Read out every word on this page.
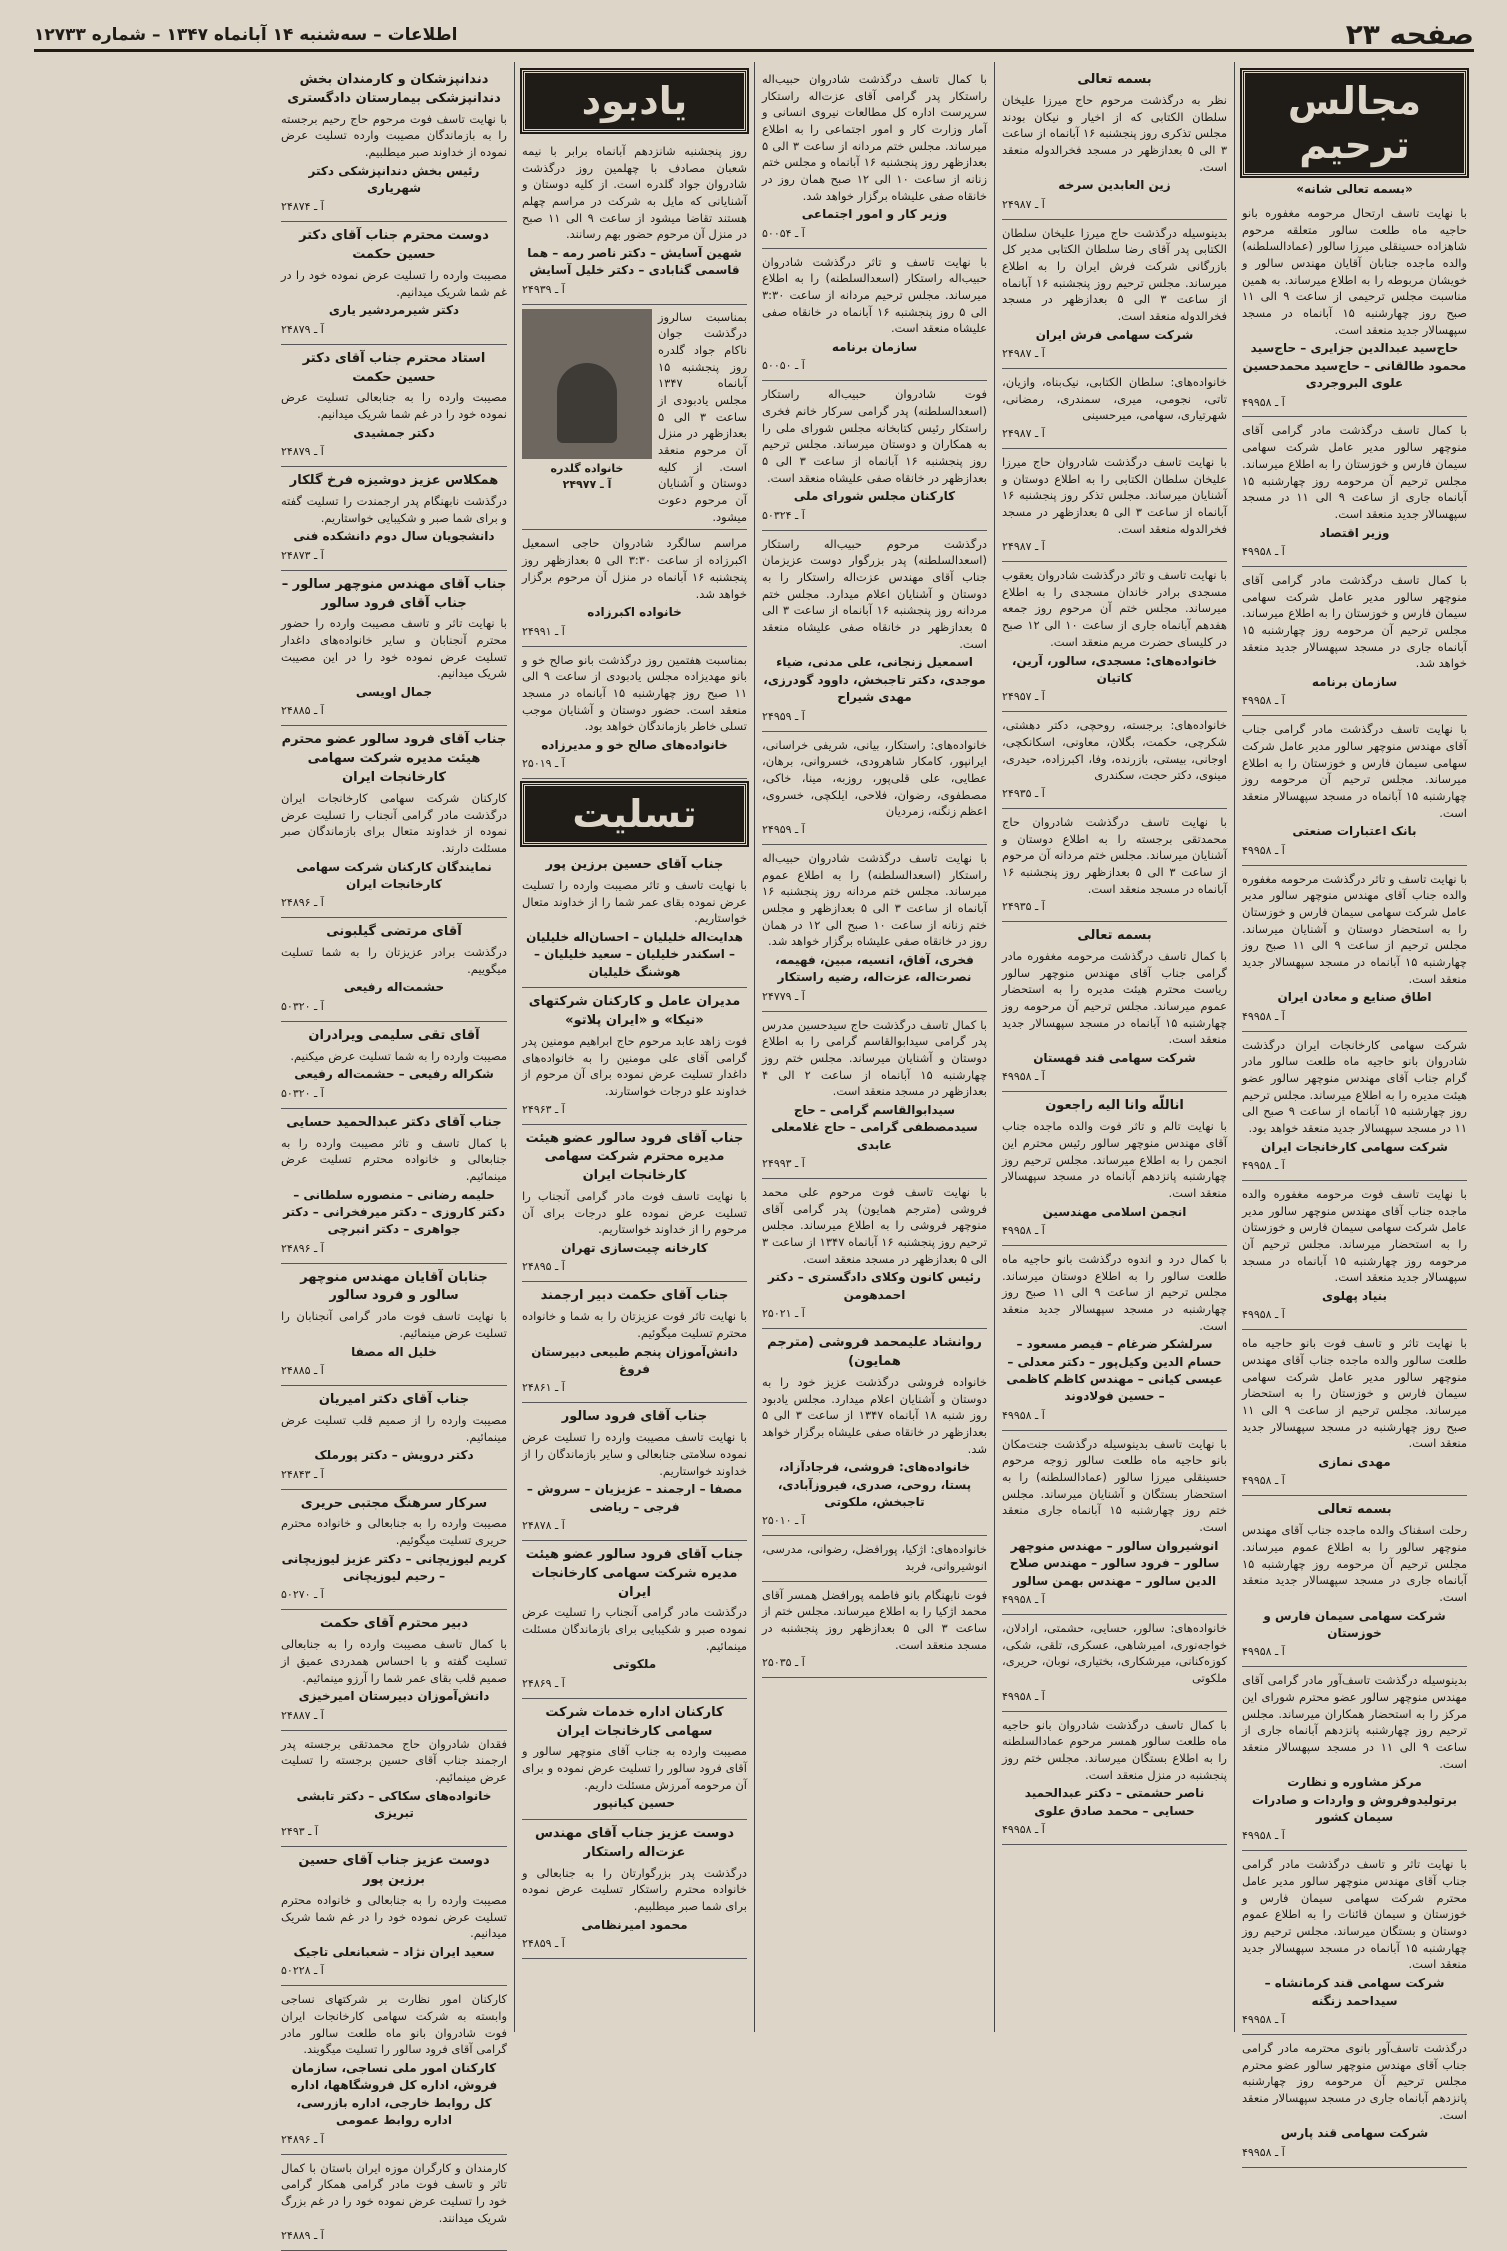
صفحه ۲۳
اطلاعات – سه‌شنبه ۱۴ آبانماه ۱۳۴۷ – شماره ۱۲۷۳۳
مجالس ترحیم
«بسمه تعالی شانه»
با نهایت تاسف ارتحال مرحومه مغفوره بانو حاجیه ماه طلعت سالور متعلقه مرحوم شاهزاده حسینقلی میرزا سالور (عمادالسلطنه) والده ماجده جنابان آقایان مهندس سالور و خویشان مربوطه را به اطلاع میرساند. به همین مناسبت مجلس ترحیمی از ساعت ۹ الی ۱۱ صبح روز چهارشنبه ۱۵ آبانماه در مسجد سپهسالار جدید منعقد است.
حاج‌سید عبدالدین جزایری – حاج‌سید محمود طالقانی – حاج‌سید محمدحسین علوی البروجردی
آ ـ ۴۹۹۵۸
با کمال تاسف درگذشت مادر گرامی آقای منوچهر سالور مدیر عامل شرکت سهامی سیمان فارس و خوزستان را به اطلاع میرساند. مجلس ترحیم آن مرحومه روز چهارشنبه ۱۵ آبانماه جاری از ساعت ۹ الی ۱۱ در مسجد سپهسالار جدید منعقد است.
وزیر اقتصاد
آ ـ ۴۹۹۵۸
با کمال تاسف درگذشت مادر گرامی آقای منوچهر سالور مدیر عامل شرکت سهامی سیمان فارس و خوزستان را به اطلاع میرساند. مجلس ترحیم آن مرحومه روز چهارشنبه ۱۵ آبانماه جاری در مسجد سپهسالار جدید منعقد خواهد شد.
سازمان برنامه
آ ـ ۴۹۹۵۸
با نهایت تاسف درگذشت مادر گرامی جناب آقای مهندس منوچهر سالور مدیر عامل شرکت سهامی سیمان فارس و خوزستان را به اطلاع میرساند. مجلس ترحیم آن مرحومه روز چهارشنبه ۱۵ آبانماه در مسجد سپهسالار منعقد است.
بانک اعتبارات صنعتی
آ ـ ۴۹۹۵۸
با نهایت تاسف و تاثر درگذشت مرحومه مغفوره والده جناب آقای مهندس منوچهر سالور مدیر عامل شرکت سهامی سیمان فارس و خوزستان را به استحضار دوستان و آشنایان میرساند. مجلس ترحیم از ساعت ۹ الی ۱۱ صبح روز چهارشنبه ۱۵ آبانماه در مسجد سپهسالار جدید منعقد است.
اطاق صنایع و معادن ایران
آ ـ ۴۹۹۵۸
شرکت سهامی کارخانجات ایران درگذشت شادروان بانو حاجیه ماه طلعت سالور مادر گرام جناب آقای مهندس منوچهر سالور عضو هیئت مدیره را به اطلاع میرساند. مجلس ترحیم روز چهارشنبه ۱۵ آبانماه از ساعت ۹ صبح الی ۱۱ در مسجد سپهسالار جدید منعقد خواهد بود.
شرکت سهامی کارخانجات ایران
آ ـ ۴۹۹۵۸
با نهایت تاسف فوت مرحومه مغفوره والده ماجده جناب آقای مهندس منوچهر سالور مدیر عامل شرکت سهامی سیمان فارس و خوزستان را به استحضار میرساند. مجلس ترحیم آن مرحومه روز چهارشنبه ۱۵ آبانماه در مسجد سپهسالار جدید منعقد است.
بنیاد پهلوی
آ ـ ۴۹۹۵۸
با نهایت تاثر و تاسف فوت بانو حاجیه ماه طلعت سالور والده ماجده جناب آقای مهندس منوچهر سالور مدیر عامل شرکت سهامی سیمان فارس و خوزستان را به استحضار میرساند. مجلس ترحیم از ساعت ۹ الی ۱۱ صبح روز چهارشنبه در مسجد سپهسالار جدید منعقد است.
مهدی نمازی
آ ـ ۴۹۹۵۸
بسمه تعالی
رحلت اسفناک والده ماجده جناب آقای مهندس منوچهر سالور را به اطلاع عموم میرساند. مجلس ترحیم آن مرحومه روز چهارشنبه ۱۵ آبانماه جاری در مسجد سپهسالار جدید منعقد است.
شرکت سهامی سیمان فارس و خوزستان
آ ـ ۴۹۹۵۸
بدینوسیله درگذشت تاسف‌آور مادر گرامی آقای مهندس منوچهر سالور عضو محترم شورای این مرکز را به استحضار همکاران میرساند. مجلس ترحیم روز چهارشنبه پانزدهم آبانماه جاری از ساعت ۹ الی ۱۱ در مسجد سپهسالار منعقد است.
مرکز مشاوره و نظارت برتولیدوفروش و واردات و صادرات سیمان کشور
آ ـ ۴۹۹۵۸
با نهایت تاثر و تاسف درگذشت مادر گرامی جناب آقای مهندس منوچهر سالور مدیر عامل محترم شرکت سهامی سیمان فارس و خوزستان و سیمان قائنات را به اطلاع عموم دوستان و بستگان میرساند. مجلس ترحیم روز چهارشنبه ۱۵ آبانماه در مسجد سپهسالار جدید منعقد است.
شرکت سهامی قند کرمانشاه – سیداحمد زنگنه
آ ـ ۴۹۹۵۸
درگذشت تاسف‌آور بانوی محترمه مادر گرامی جناب آقای مهندس منوچهر سالور عضو محترم مجلس ترحیم آن مرحومه روز چهارشنبه پانزدهم آبانماه جاری در مسجد سپهسالار منعقد است.
شرکت سهامی قند پارس
آ ـ ۴۹۹۵۸
بسمه تعالی
نظر به درگذشت مرحوم حاج میرزا علیخان سلطان الکتابی که از اخیار و نیکان بودند مجلس تذکری روز پنجشنبه ۱۶ آبانماه از ساعت ۳ الی ۵ بعدازظهر در مسجد فخرالدوله منعقد است.
زین العابدین سرخه
آ ـ ۲۴۹۸۷
بدینوسیله درگذشت حاج میرزا علیخان سلطان الکتابی پدر آقای رضا سلطان الکتابی مدیر کل بازرگانی شرکت فرش ایران را به اطلاع میرساند. مجلس ترحیم روز پنجشنبه ۱۶ آبانماه از ساعت ۳ الی ۵ بعدازظهر در مسجد فخرالدوله منعقد است.
شرکت سهامی فرش ایران
آ ـ ۲۴۹۸۷
خانواده‌های: سلطان الکتابی، نیک‌بناه، وازیان، تاتی، نجومی، میری، سمندری، رمضانی، شهرتیاری، سهامی، میرحسینی
آ ـ ۲۴۹۸۷
با نهایت تاسف درگذشت شادروان حاج میرزا علیخان سلطان الکتابی را به اطلاع دوستان و آشنایان میرساند. مجلس تذکر روز پنجشنبه ۱۶ آبانماه از ساعت ۳ الی ۵ بعدازظهر در مسجد فخرالدوله منعقد است.
آ ـ ۲۴۹۸۷
با نهایت تاسف و تاثر درگذشت شادروان یعقوب مسجدی برادر خاندان مسجدی را به اطلاع میرساند. مجلس ختم آن مرحوم روز جمعه هفدهم آبانماه جاری از ساعت ۱۰ الی ۱۲ صبح در کلیسای حضرت مریم منعقد است.
خانواده‌های: مسجدی، سالور، آرین، کاتیان
آ ـ ۲۴۹۵۷
خانواده‌های: برجسته، روحچی، دکتر دهشتی، شکرچی، حکمت، بگلان، معاونی، اسکانکچی، اوجانی، بیستی، بازرنده، وفا، اکبرزاده، حیدری، مینوی، دکتر حجت، سکندری
آ ـ ۲۴۹۳۵
با نهایت تاسف درگذشت شادروان حاج محمدتقی برجسته را به اطلاع دوستان و آشنایان میرساند. مجلس ختم مردانه آن مرحوم از ساعت ۳ الی ۵ بعدازظهر روز پنجشنبه ۱۶ آبانماه در مسجد منعقد است.
آ ـ ۲۴۹۳۵
بسمه تعالی
با کمال تاسف درگذشت مرحومه مغفوره مادر گرامی جناب آقای مهندس منوچهر سالور ریاست محترم هیئت مدیره را به استحضار عموم میرساند. مجلس ترحیم آن مرحومه روز چهارشنبه ۱۵ آبانماه در مسجد سپهسالار جدید منعقد است.
شرکت سهامی قند قهستان
آ ـ ۴۹۹۵۸
اناللّه وانا الیه راجعون
با نهایت تالم و تاثر فوت والده ماجده جناب آقای مهندس منوچهر سالور رئیس محترم این انجمن را به اطلاع میرساند. مجلس ترحیم روز چهارشنبه پانزدهم آبانماه در مسجد سپهسالار منعقد است.
انجمن اسلامی مهندسین
آ ـ ۴۹۹۵۸
با کمال درد و اندوه درگذشت بانو حاجیه ماه طلعت سالور را به اطلاع دوستان میرساند. مجلس ترحیم از ساعت ۹ الی ۱۱ صبح روز چهارشنبه در مسجد سپهسالار جدید منعقد است.
سرلشکر ضرغام – فیصر مسعود – حسام الدین وکیل‌پور – دکتر معدلی – عیسی کیانی – مهندس کاظم کاظمی – حسین فولادوند
آ ـ ۴۹۹۵۸
با نهایت تاسف بدینوسیله درگذشت جنت‌مکان بانو حاجیه ماه طلعت سالور زوجه مرحوم حسینقلی میرزا سالور (عمادالسلطنه) را به استحضار بستگان و آشنایان میرساند. مجلس ختم روز چهارشنبه ۱۵ آبانماه جاری منعقد است.
انوشیروان سالور – مهندس منوچهر سالور – فرود سالور – مهندس صلاح الدین سالور – مهندس بهمن سالور
آ ـ ۴۹۹۵۸
خانواده‌های: سالور، حسایی، حشمتی، ارادلان، خواجه‌نوری، امیرشاهی، عسکری، تلقی، شکی، کوزه‌کنانی، میرشکاری، بختیاری، نوبان، حریری، ملکوتی
آ ـ ۴۹۹۵۸
با کمال تاسف درگذشت شادروان بانو حاجیه ماه طلعت سالور همسر مرحوم عمادالسلطنه را به اطلاع بستگان میرساند. مجلس ختم روز پنجشنبه در منزل منعقد است.
ناصر حشمتی – دکتر عبدالحمید حسایی – محمد صادق علوی
آ ـ ۴۹۹۵۸
با کمال تاسف درگذشت شادروان حبیب‌اله راستکار پدر گرامی آقای عزت‌اله راستکار سرپرست اداره کل مطالعات نیروی انسانی و آمار وزارت کار و امور اجتماعی را به اطلاع میرساند. مجلس ختم مردانه از ساعت ۳ الی ۵ بعدازظهر روز پنجشنبه ۱۶ آبانماه و مجلس ختم زنانه از ساعت ۱۰ الی ۱۲ صبح همان روز در خانقاه صفی علیشاه برگزار خواهد شد.
وزیر کار و امور اجتماعی
آ ـ ۵۰۰۵۴
با نهایت تاسف و تاثر درگذشت شادروان حبیب‌اله راستکار (اسعدالسلطنه) را به اطلاع میرساند. مجلس ترحیم مردانه از ساعت ۳:۳۰ الی ۵ روز پنجشنبه ۱۶ آبانماه در خانقاه صفی علیشاه منعقد است.
سازمان برنامه
آ ـ ۵۰۰۵۰
فوت شادروان حبیب‌اله راستکار (اسعدالسلطنه) پدر گرامی سرکار خانم فخری راستکار رئیس کتابخانه مجلس شورای ملی را به همکاران و دوستان میرساند. مجلس ترحیم روز پنجشنبه ۱۶ آبانماه از ساعت ۳ الی ۵ بعدازظهر در خانقاه صفی علیشاه منعقد است.
کارکنان مجلس شورای ملی
آ ـ ۵۰۳۲۴
درگذشت مرحوم حبیب‌اله راستکار (اسعدالسلطنه) پدر بزرگوار دوست عزیزمان جناب آقای مهندس عزت‌اله راستکار را به دوستان و آشنایان اعلام میدارد. مجلس ختم مردانه روز پنجشنبه ۱۶ آبانماه از ساعت ۳ الی ۵ بعدازظهر در خانقاه صفی علیشاه منعقد است.
اسمعیل زنجانی، علی مدنی، ضیاء موجدی، دکتر تاجبخش، داوود گودرزی، مهدی شیراح
آ ـ ۲۴۹۵۹
خانواده‌های: راستکار، بیانی، شریفی خراسانی، ایرانپور، کامکار شاهرودی، خسروانی، برهان، عطایی، علی قلی‌پور، روزبه، مینا، خاکی، مصطفوی، رضوان، فلاحی، ایلکچی، خسروی، اعظم زنگنه، زمردیان
آ ـ ۲۴۹۵۹
با نهایت تاسف درگذشت شادروان حبیب‌اله راستکار (اسعدالسلطنه) را به اطلاع عموم میرساند. مجلس ختم مردانه روز پنجشنبه ۱۶ آبانماه از ساعت ۳ الی ۵ بعدازظهر و مجلس ختم زنانه از ساعت ۱۰ صبح الی ۱۲ در همان روز در خانقاه صفی علیشاه برگزار خواهد شد.
فخری، آفاق، انسیه، مبین، فهیمه، نصرت‌اله، عزت‌اله، رضیه راستکار
آ ـ ۲۴۷۷۹
با کمال تاسف درگذشت حاج سیدحسین مدرس پدر گرامی سیدابوالقاسم گرامی را به اطلاع دوستان و آشنایان میرساند. مجلس ختم روز چهارشنبه ۱۵ آبانماه از ساعت ۲ الی ۴ بعدازظهر در مسجد منعقد است.
سیدابوالقاسم گرامی – حاج سیدمصطفی گرامی – حاج غلامعلی عابدی
آ ـ ۲۴۹۹۳
با نهایت تاسف فوت مرحوم علی محمد فروشی (مترجم همایون) پدر گرامی آقای منوچهر فروشی را به اطلاع میرساند. مجلس ترحیم روز پنجشنبه ۱۶ آبانماه ۱۳۴۷ از ساعت ۳ الی ۵ بعدازظهر در مسجد منعقد است.
رئیس کانون وکلای دادگستری – دکتر احمدهومن
آ ـ ۲۵۰۲۱
روانشاد علیمحمد فروشی (مترجم همایون)
خانواده فروشی درگذشت عزیز خود را به دوستان و آشنایان اعلام میدارد. مجلس یادبود روز شنبه ۱۸ آبانماه ۱۳۴۷ از ساعت ۳ الی ۵ بعدازظهر در خانقاه صفی علیشاه برگزار خواهد شد.
خانواده‌های: فروشی، فرجادآزاد، پستا، روحی، صدری، فیروزآبادی، تاجبخش، ملکوتی
آ ـ ۲۵۰۱۰
خانواده‌های: اژکیا، پورافضل، رضوانی، مدرسی، انوشیروانی، فربد
فوت نابهنگام بانو فاطمه پورافضل همسر آقای محمد اژکیا را به اطلاع میرساند. مجلس ختم از ساعت ۳ الی ۵ بعدازظهر روز پنجشنبه در مسجد منعقد است.
آ ـ ۲۵۰۳۵
یادبود
روز پنجشنبه شانزدهم آبانماه برابر با نیمه شعبان مصادف با چهلمین روز درگذشت شادروان جواد گلدره است. از کلیه دوستان و آشنایانی که مایل به شرکت در مراسم چهلم هستند تقاضا میشود از ساعت ۹ الی ۱۱ صبح در منزل آن مرحوم حضور بهم رسانند.
شهین آسایش – دکتر ناصر رمه – هما قاسمی گنابادی – دکتر خلیل آسایش
آ ـ ۲۴۹۳۹
بمناسبت سالروز درگذشت جوان ناکام جواد گلدره روز پنجشنبه ۱۵ آبانماه ۱۳۴۷ مجلس یادبودی از ساعت ۳ الی ۵ بعدازظهر در منزل آن مرحوم منعقد است. از کلیه دوستان و آشنایان آن مرحوم دعوت میشود.
خانواده گلدره
آ ـ ۲۴۹۷۷
مراسم سالگرد شادروان حاجی اسمعیل اکبرزاده از ساعت ۳:۳۰ الی ۵ بعدازظهر روز پنجشنبه ۱۶ آبانماه در منزل آن مرحوم برگزار خواهد شد.
خانواده اکبرزاده
آ ـ ۲۴۹۹۱
بمناسبت هفتمین روز درگذشت بانو صالح خو و بانو مهدیزاده مجلس یادبودی از ساعت ۹ الی ۱۱ صبح روز چهارشنبه ۱۵ آبانماه در مسجد منعقد است. حضور دوستان و آشنایان موجب تسلی خاطر بازماندگان خواهد بود.
خانواده‌های صالح خو و مدیرزاده
آ ـ ۲۵۰۱۹
تسلیت
جناب آقای حسین برزین پور
با نهایت تاسف و تاثر مصیبت وارده را تسلیت عرض نموده بقای عمر شما را از خداوند متعال خواستاریم.
هدایت‌اله خلیلیان – احسان‌اله خلیلیان – اسکندر خلیلیان – سعید خلیلیان – هوشنگ خلیلیان
مدیران عامل و کارکنان شرکتهای «نیکا» و «ایران پلاتو»
فوت زاهد عابد مرحوم حاج ابراهیم مومنین پدر گرامی آقای علی مومنین را به خانواده‌های داغدار تسلیت عرض نموده برای آن مرحوم از خداوند علو درجات خواستارند.
آ ـ ۲۴۹۶۳
جناب آقای فرود سالور عضو هیئت مدیره محترم شرکت سهامی کارخانجات ایران
با نهایت تاسف فوت مادر گرامی آنجناب را تسلیت عرض نموده علو درجات برای آن مرحوم را از خداوند خواستاریم.
کارخانه چیت‌سازی تهران
آ ـ ۲۴۸۹۵
جناب آقای حکمت دبیر ارجمند
با نهایت تاثر فوت عزیزتان را به شما و خانواده محترم تسلیت میگوئیم.
دانش‌آموزان پنجم طبیعی دبیرستان فروغ
آ ـ ۲۴۸۶۱
جناب آقای فرود سالور
با نهایت تاسف مصیبت وارده را تسلیت عرض نموده سلامتی جنابعالی و سایر بازماندگان را از خداوند خواستاریم.
مصفا – ارجمند – عزیزیان – سروش – فرجی – ریاضی
آ ـ ۲۴۸۷۸
جناب آقای فرود سالور عضو هیئت مدیره شرکت سهامی کارخانجات ایران
درگذشت مادر گرامی آنجناب را تسلیت عرض نموده صبر و شکیبایی برای بازماندگان مسئلت مینمائیم.
ملکوتی
آ ـ ۲۴۸۶۹
کارکنان اداره خدمات شرکت سهامی کارخانجات ایران
مصیبت وارده به جناب آقای منوچهر سالور و آقای فرود سالور را تسلیت عرض نموده و برای آن مرحومه آمرزش مسئلت داریم.
حسین کیانپور
دوست عزیز جناب آقای مهندس عزت‌اله راستکار
درگذشت پدر بزرگوارتان را به جنابعالی و خانواده محترم راستکار تسلیت عرض نموده برای شما صبر میطلبیم.
محمود امیرنظامی
آ ـ ۲۴۸۵۹
دندانپزشکان و کارمندان بخش دندانپزشکی بیمارستان دادگستری
با نهایت تاسف فوت مرحوم حاج رحیم برجسته را به بازماندگان مصیبت وارده تسلیت عرض نموده از خداوند صبر میطلبیم.
رئیس بخش دندانپزشکی دکتر شهریاری
آ ـ ۲۴۸۷۴
دوست محترم جناب آقای دکتر حسین حکمت
مصیبت وارده را تسلیت عرض نموده خود را در غم شما شریک میدانیم.
دکتر شیرمردشیر یاری
آ ـ ۲۴۸۷۹
استاد محترم جناب آقای دکتر حسین حکمت
مصیبت وارده را به جنابعالی تسلیت عرض نموده خود را در غم شما شریک میدانیم.
دکتر جمشیدی
آ ـ ۲۴۸۷۹
همکلاس عزیز دوشیزه فرخ گلکار
درگذشت نابهنگام پدر ارجمندت را تسلیت گفته و برای شما صبر و شکیبایی خواستاریم.
دانشجویان سال دوم دانشکده فنی
آ ـ ۲۴۸۷۳
جناب آقای مهندس منوچهر سالور – جناب آقای فرود سالور
با نهایت تاثر و تاسف مصیبت وارده را حضور محترم آنجنابان و سایر خانواده‌های داغدار تسلیت عرض نموده خود را در این مصیبت شریک میدانیم.
جمال اویسی
آ ـ ۲۴۸۸۵
جناب آقای فرود سالور عضو محترم هیئت مدیره شرکت سهامی کارخانجات ایران
کارکنان شرکت سهامی کارخانجات ایران درگذشت مادر گرامی آنجناب را تسلیت عرض نموده از خداوند متعال برای بازماندگان صبر مسئلت دارند.
نمایندگان کارکنان شرکت سهامی کارخانجات ایران
آ ـ ۲۴۸۹۶
آقای مرتضی گیلبونی
درگذشت برادر عزیزتان را به شما تسلیت میگوییم.
حشمت‌اله رفیعی
آ ـ ۵۰۳۲۰
آقای تقی سلیمی ویرادران
مصیبت وارده را به شما تسلیت عرض میکنیم.
شکراله رفیعی – حشمت‌اله رفیعی
آ ـ ۵۰۳۲۰
جناب آقای دکتر عبدالحمید حسایی
با کمال تاسف و تاثر مصیبت وارده را به جنابعالی و خانواده محترم تسلیت عرض مینمائیم.
حلیمه رضانی – منصوره سلطانی – دکتر کاروزی – دکتر میرفخرانی – دکتر جواهری – دکتر انبرچی
آ ـ ۲۴۸۹۶
جنابان آقایان مهندس منوچهر سالور و فرود سالور
با نهایت تاسف فوت مادر گرامی آنجنابان را تسلیت عرض مینمائیم.
خلیل اله مصفا
آ ـ ۲۴۸۸۵
جناب آقای دکتر امیریان
مصیبت وارده را از صمیم قلب تسلیت عرض مینمائیم.
دکتر درویش – دکتر پورملک
آ ـ ۲۴۸۴۳
سرکار سرهنگ مجتبی حریری
مصیبت وارده را به جنابعالی و خانواده محترم حریری تسلیت میگوئیم.
کریم لیوزیچانی – دکتر عزیز لیوزیچانی – رحیم لیوزیچانی
آ ـ ۵۰۲۷۰
دبیر محترم آقای حکمت
با کمال تاسف مصیبت وارده را به جنابعالی تسلیت گفته و با احساس همدردی عمیق از صمیم قلب بقای عمر شما را آرزو مینمائیم.
دانش‌آموزان دبیرستان امیرخیزی
آ ـ ۲۴۸۸۷
فقدان شادروان حاج محمدتقی برجسته پدر ارجمند جناب آقای حسین برجسته را تسلیت عرض مینمائیم.
خانواده‌های سکاکی – دکتر تابشی تبریزی
آ ـ ۲۴۹۳
دوست عزیز جناب آقای حسین برزین پور
مصیبت وارده را به جنابعالی و خانواده محترم تسلیت عرض نموده خود را در غم شما شریک میدانیم.
سعید ایران نژاد – شعبانعلی تاجیک
آ ـ ۵۰۲۲۸
کارکنان امور نظارت بر شرکتهای نساجی وابسته به شرکت سهامی کارخانجات ایران فوت شادروان بانو ماه طلعت سالور مادر گرامی آقای فرود سالور را تسلیت میگویند.
کارکنان امور ملی نساجی، سازمان فروش، اداره کل فروشگاهها، اداره کل روابط خارجی، اداره بازرسی، اداره روابط عمومی
آ ـ ۲۴۸۹۶
کارمندان و کارگران موزه ایران باستان با کمال تاثر و تاسف فوت مادر گرامی همکار گرامی خود را تسلیت عرض نموده خود را در غم بزرگ شریک میدانند.
آ ـ ۲۴۸۸۹
